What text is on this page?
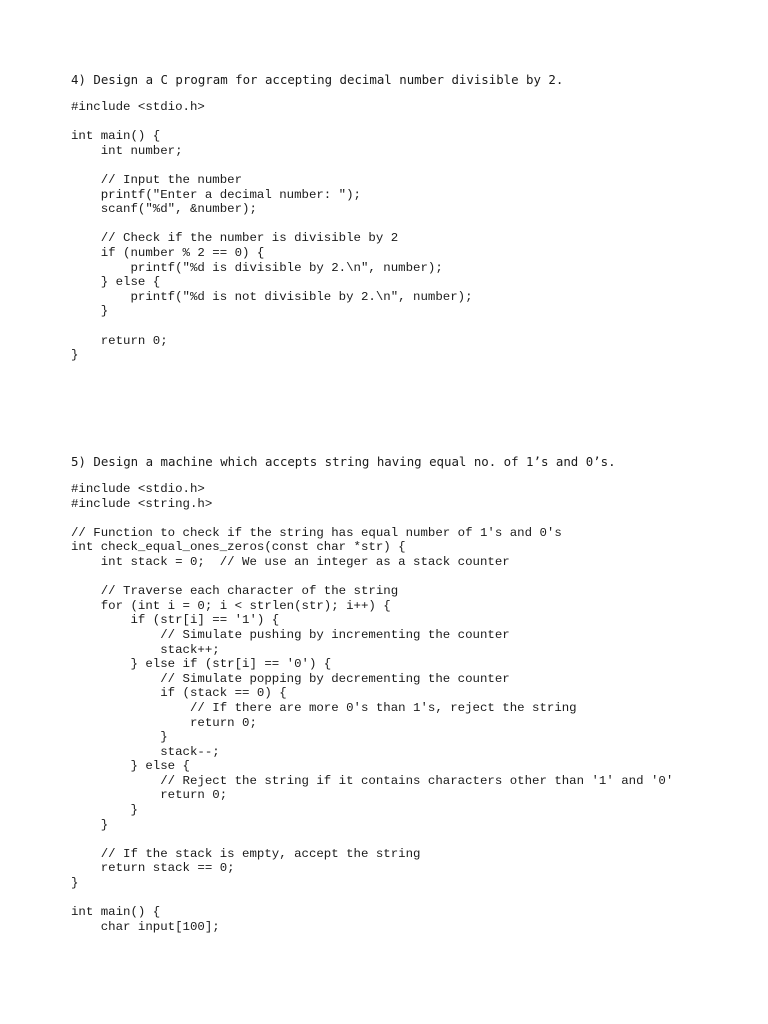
4) Design a C program for accepting decimal number divisible by 2.
#include <stdio.h>
int main() {
int number;
// Input the number
printf("Enter a decimal number: ");
scanf("%d", &number);
// Check if the number is divisible by 2
if (number % 2 == 0) {
printf("%d is divisible by 2.\n", number);
} else {
printf("%d is not divisible by 2.\n", number);
}
return 0;
}
5) Design a machine which accepts string having equal no. of 1’s and 0’s.
#include <stdio.h>
#include <string.h>
// Function to check if the string has equal number of 1's and 0's
int check_equal_ones_zeros(const char *str) {
int stack = 0;  // We use an integer as a stack counter
// Traverse each character of the string
for (int i = 0; i < strlen(str); i++) {
if (str[i] == '1') {
// Simulate pushing by incrementing the counter
stack++;
} else if (str[i] == '0') {
// Simulate popping by decrementing the counter
if (stack == 0) {
// If there are more 0's than 1's, reject the string
return 0;
}
stack--;
} else {
// Reject the string if it contains characters other than '1' and '0'
return 0;
}
}
// If the stack is empty, accept the string
return stack == 0;
}
int main() {
char input[100];
